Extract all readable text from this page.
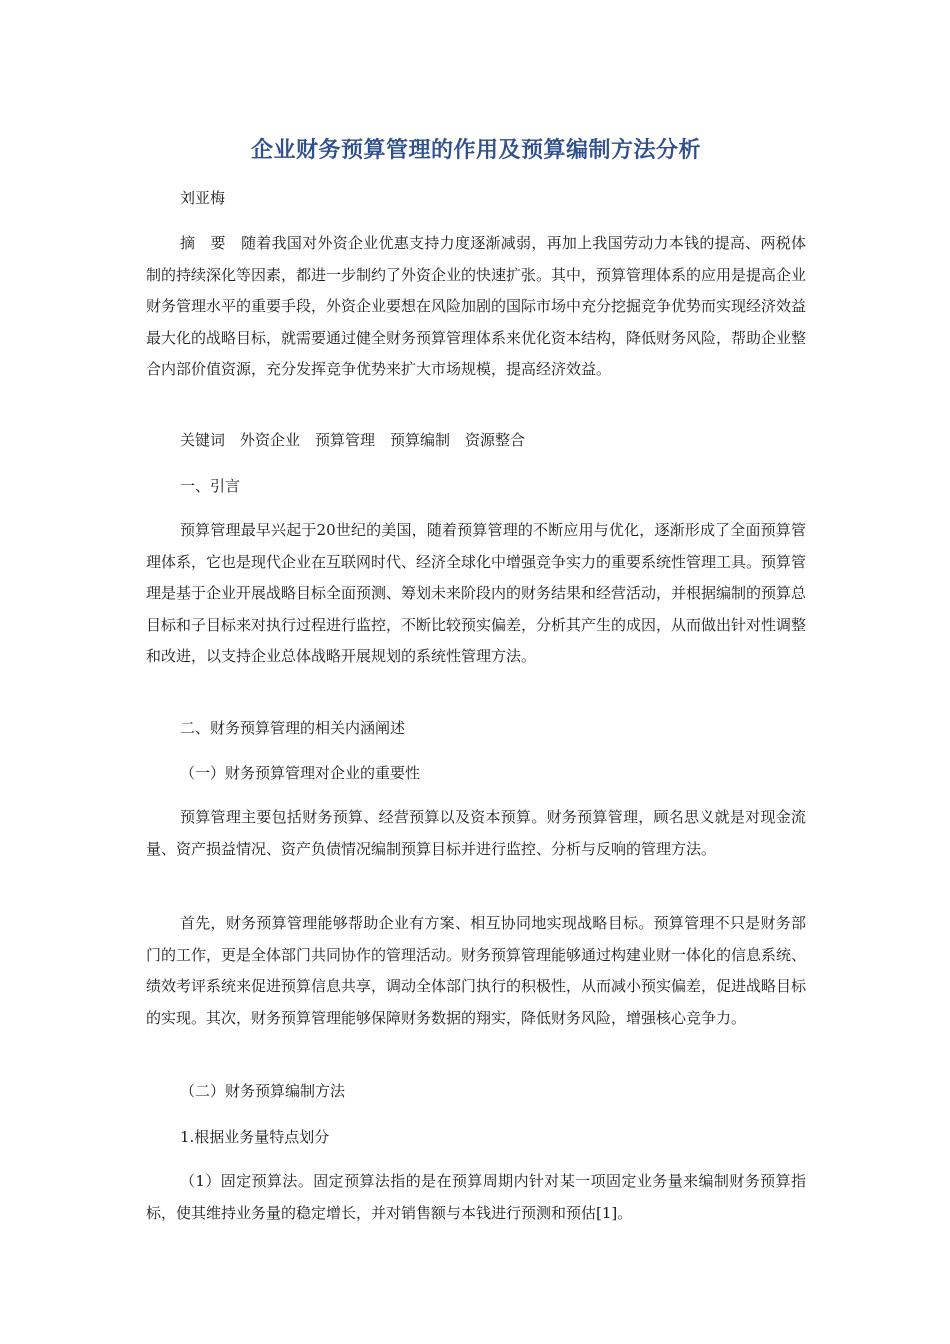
企业财务预算管理的作用及预算编制方法分析

刘亚梅

摘　要　随着我国对外资企业优惠支持力度逐渐减弱，再加上我国劳动力本钱的提高、两税体制的持续深化等因素，都进一步制约了外资企业的快速扩张。其中，预算管理体系的应用是提高企业财务管理水平的重要手段，外资企业要想在风险加剧的国际市场中充分挖掘竞争优势而实现经济效益最大化的战略目标，就需要通过健全财务预算管理体系来优化资本结构，降低财务风险，帮助企业整合内部价值资源，充分发挥竞争优势来扩大市场规模，提高经济效益。

关键词　外资企业　预算管理　预算编制　资源整合

一、引言

预算管理最早兴起于20世纪的美国，随着预算管理的不断应用与优化，逐渐形成了全面预算管理体系，它也是现代企业在互联网时代、经济全球化中增强竞争实力的重要系统性管理工具。预算管理是基于企业开展战略目标全面预测、筹划未来阶段内的财务结果和经营活动，并根据编制的预算总目标和子目标来对执行过程进行监控，不断比较预实偏差，分析其产生的成因，从而做出针对性调整和改进，以支持企业总体战略开展规划的系统性管理方法。

二、财务预算管理的相关内涵阐述

（一）财务预算管理对企业的重要性

预算管理主要包括财务预算、经营预算以及资本预算。财务预算管理，顾名思义就是对现金流量、资产损益情况、资产负债情况编制预算目标并进行监控、分析与反响的管理方法。

首先，财务预算管理能够帮助企业有方案、相互协同地实现战略目标。预算管理不只是财务部门的工作，更是全体部门共同协作的管理活动。财务预算管理能够通过构建业财一体化的信息系统、绩效考评系统来促进预算信息共享，调动全体部门执行的积极性，从而减小预实偏差，促进战略目标的实现。其次，财务预算管理能够保障财务数据的翔实，降低财务风险，增强核心竞争力。

（二）财务预算编制方法

1.根据业务量特点划分

（1）固定预算法。固定预算法指的是在预算周期内针对某一项固定业务量来编制财务预算指标，使其维持业务量的稳定增长，并对销售额与本钱进行预测和预估[1]。
